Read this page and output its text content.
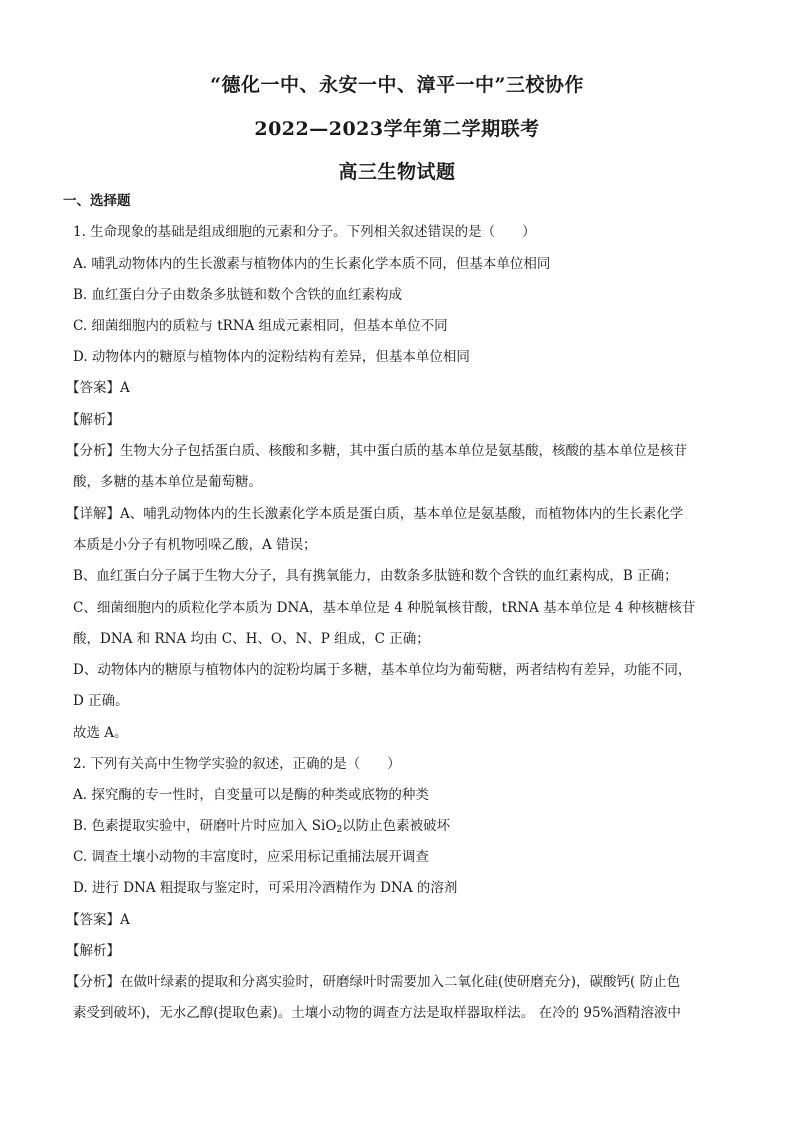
“德化一中、永安一中、漳平一中”三校协作
2022—2023学年第二学期联考
高三生物试题
一、选择题
1. 生命现象的基础是组成细胞的元素和分子。下列相关叙述错误的是（　　）
A. 哺乳动物体内的生长激素与植物体内的生长素化学本质不同，但基本单位相同
B. 血红蛋白分子由数条多肽链和数个含铁的血红素构成
C. 细菌细胞内的质粒与 tRNA 组成元素相同，但基本单位不同
D. 动物体内的糖原与植物体内的淀粉结构有差异，但基本单位相同
【答案】A
【解析】
【分析】生物大分子包括蛋白质、核酸和多糖，其中蛋白质的基本单位是氨基酸，核酸的基本单位是核苷
酸，多糖的基本单位是葡萄糖。
【详解】A、哺乳动物体内的生长激素化学本质是蛋白质，基本单位是氨基酸，而植物体内的生长素化学
本质是小分子有机物吲哚乙酸，A 错误；
B、血红蛋白分子属于生物大分子，具有携氧能力，由数条多肽链和数个含铁的血红素构成，B 正确；
C、细菌细胞内的质粒化学本质为 DNA，基本单位是 4 种脱氧核苷酸，tRNA 基本单位是 4 种核糖核苷
酸，DNA 和 RNA 均由 C、H、O、N、P 组成，C 正确；
D、动物体内的糖原与植物体内的淀粉均属于多糖，基本单位均为葡萄糖，两者结构有差异，功能不同，
D 正确。
故选 A。
2. 下列有关高中生物学实验的叙述，正确的是（　　）
A. 探究酶的专一性时，自变量可以是酶的种类或底物的种类
B. 色素提取实验中，研磨叶片时应加入 SiO$_2$以防止色素被破坏
C. 调查土壤小动物的丰富度时，应采用标记重捕法展开调查
D. 进行 DNA 粗提取与鉴定时，可采用冷酒精作为 DNA 的溶剂
【答案】A
【解析】
【分析】在做叶绿素的提取和分离实验时，研磨绿叶时需要加入二氧化硅(使研磨充分)，碳酸钙( 防止色
素受到破坏)，无水乙醇(提取色素)。土壤小动物的调查方法是取样器取样法。 在冷的 95%酒精溶液中
